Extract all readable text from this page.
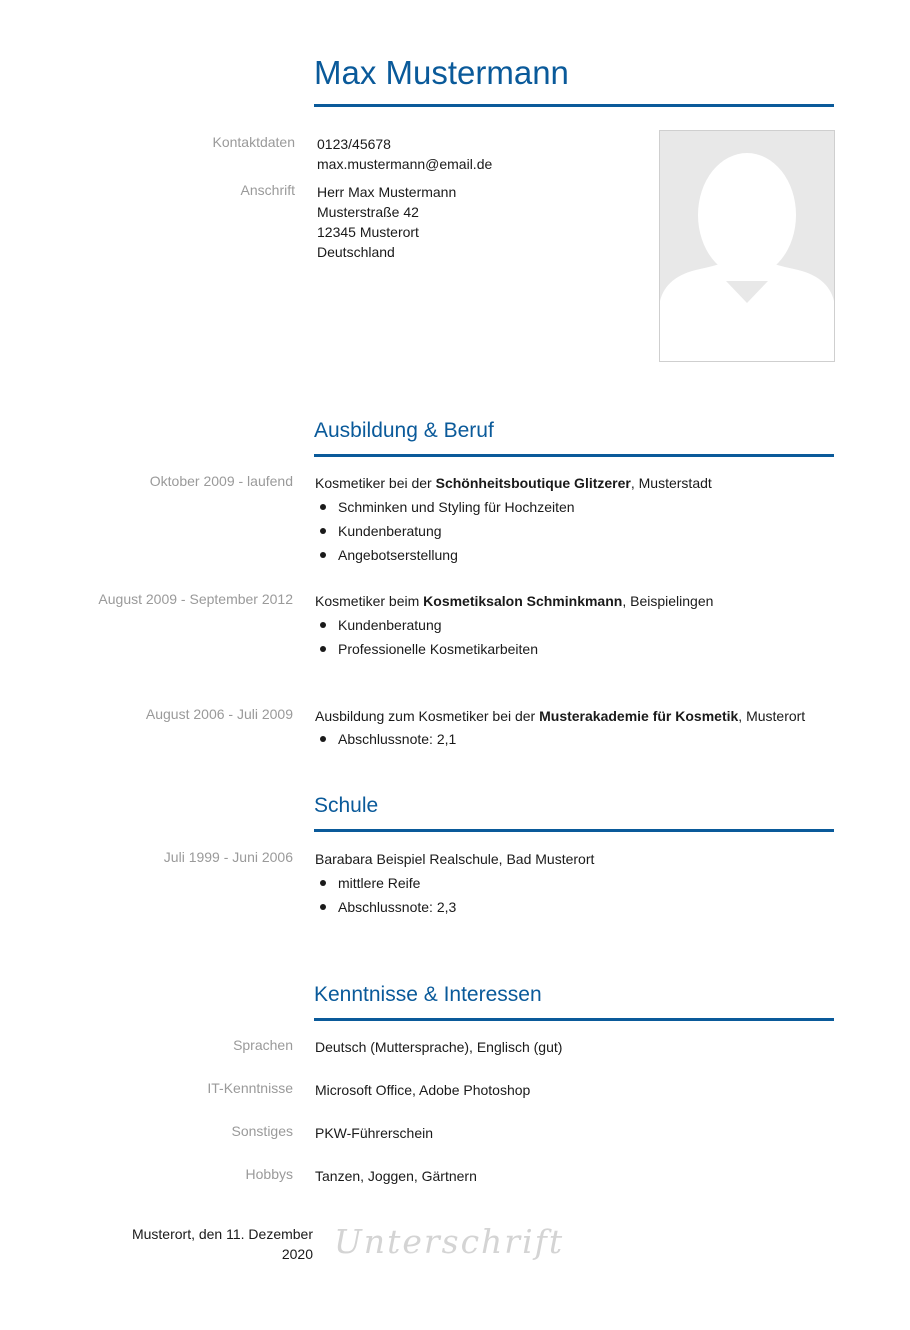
Max Mustermann
Kontaktdaten 0123/45678
max.mustermann@email.de
Anschrift Herr Max Mustermann
Musterstraße 42
12345 Musterort
Deutschland
Ausbildung & Beruf
Oktober 2009 - laufend Kosmetiker bei der Schönheitsboutique Glitzerer, Musterstadt
Schminken und Styling für Hochzeiten
Kundenberatung
Angebotserstellung
August 2009 - September 2012 Kosmetiker beim Kosmetiksalon Schminkmann, Beispielingen
Kundenberatung
Professionelle Kosmetikarbeiten
August 2006 - Juli 2009 Ausbildung zum Kosmetiker bei der Musterakademie für Kosmetik, Musterort
Abschlussnote: 2,1
Schule
Juli 1999 - Juni 2006 Barabara Beispiel Realschule, Bad Musterort
mittlere Reife
Abschlussnote: 2,3
Kenntnisse & Interessen
Sprachen Deutsch (Muttersprache), Englisch (gut)
IT-Kenntnisse Microsoft Office, Adobe Photoshop
Sonstiges PKW-Führerschein
Hobbys Tanzen, Joggen, Gärtnern
Musterort, den 11. Dezember
2020 Unterschrift
